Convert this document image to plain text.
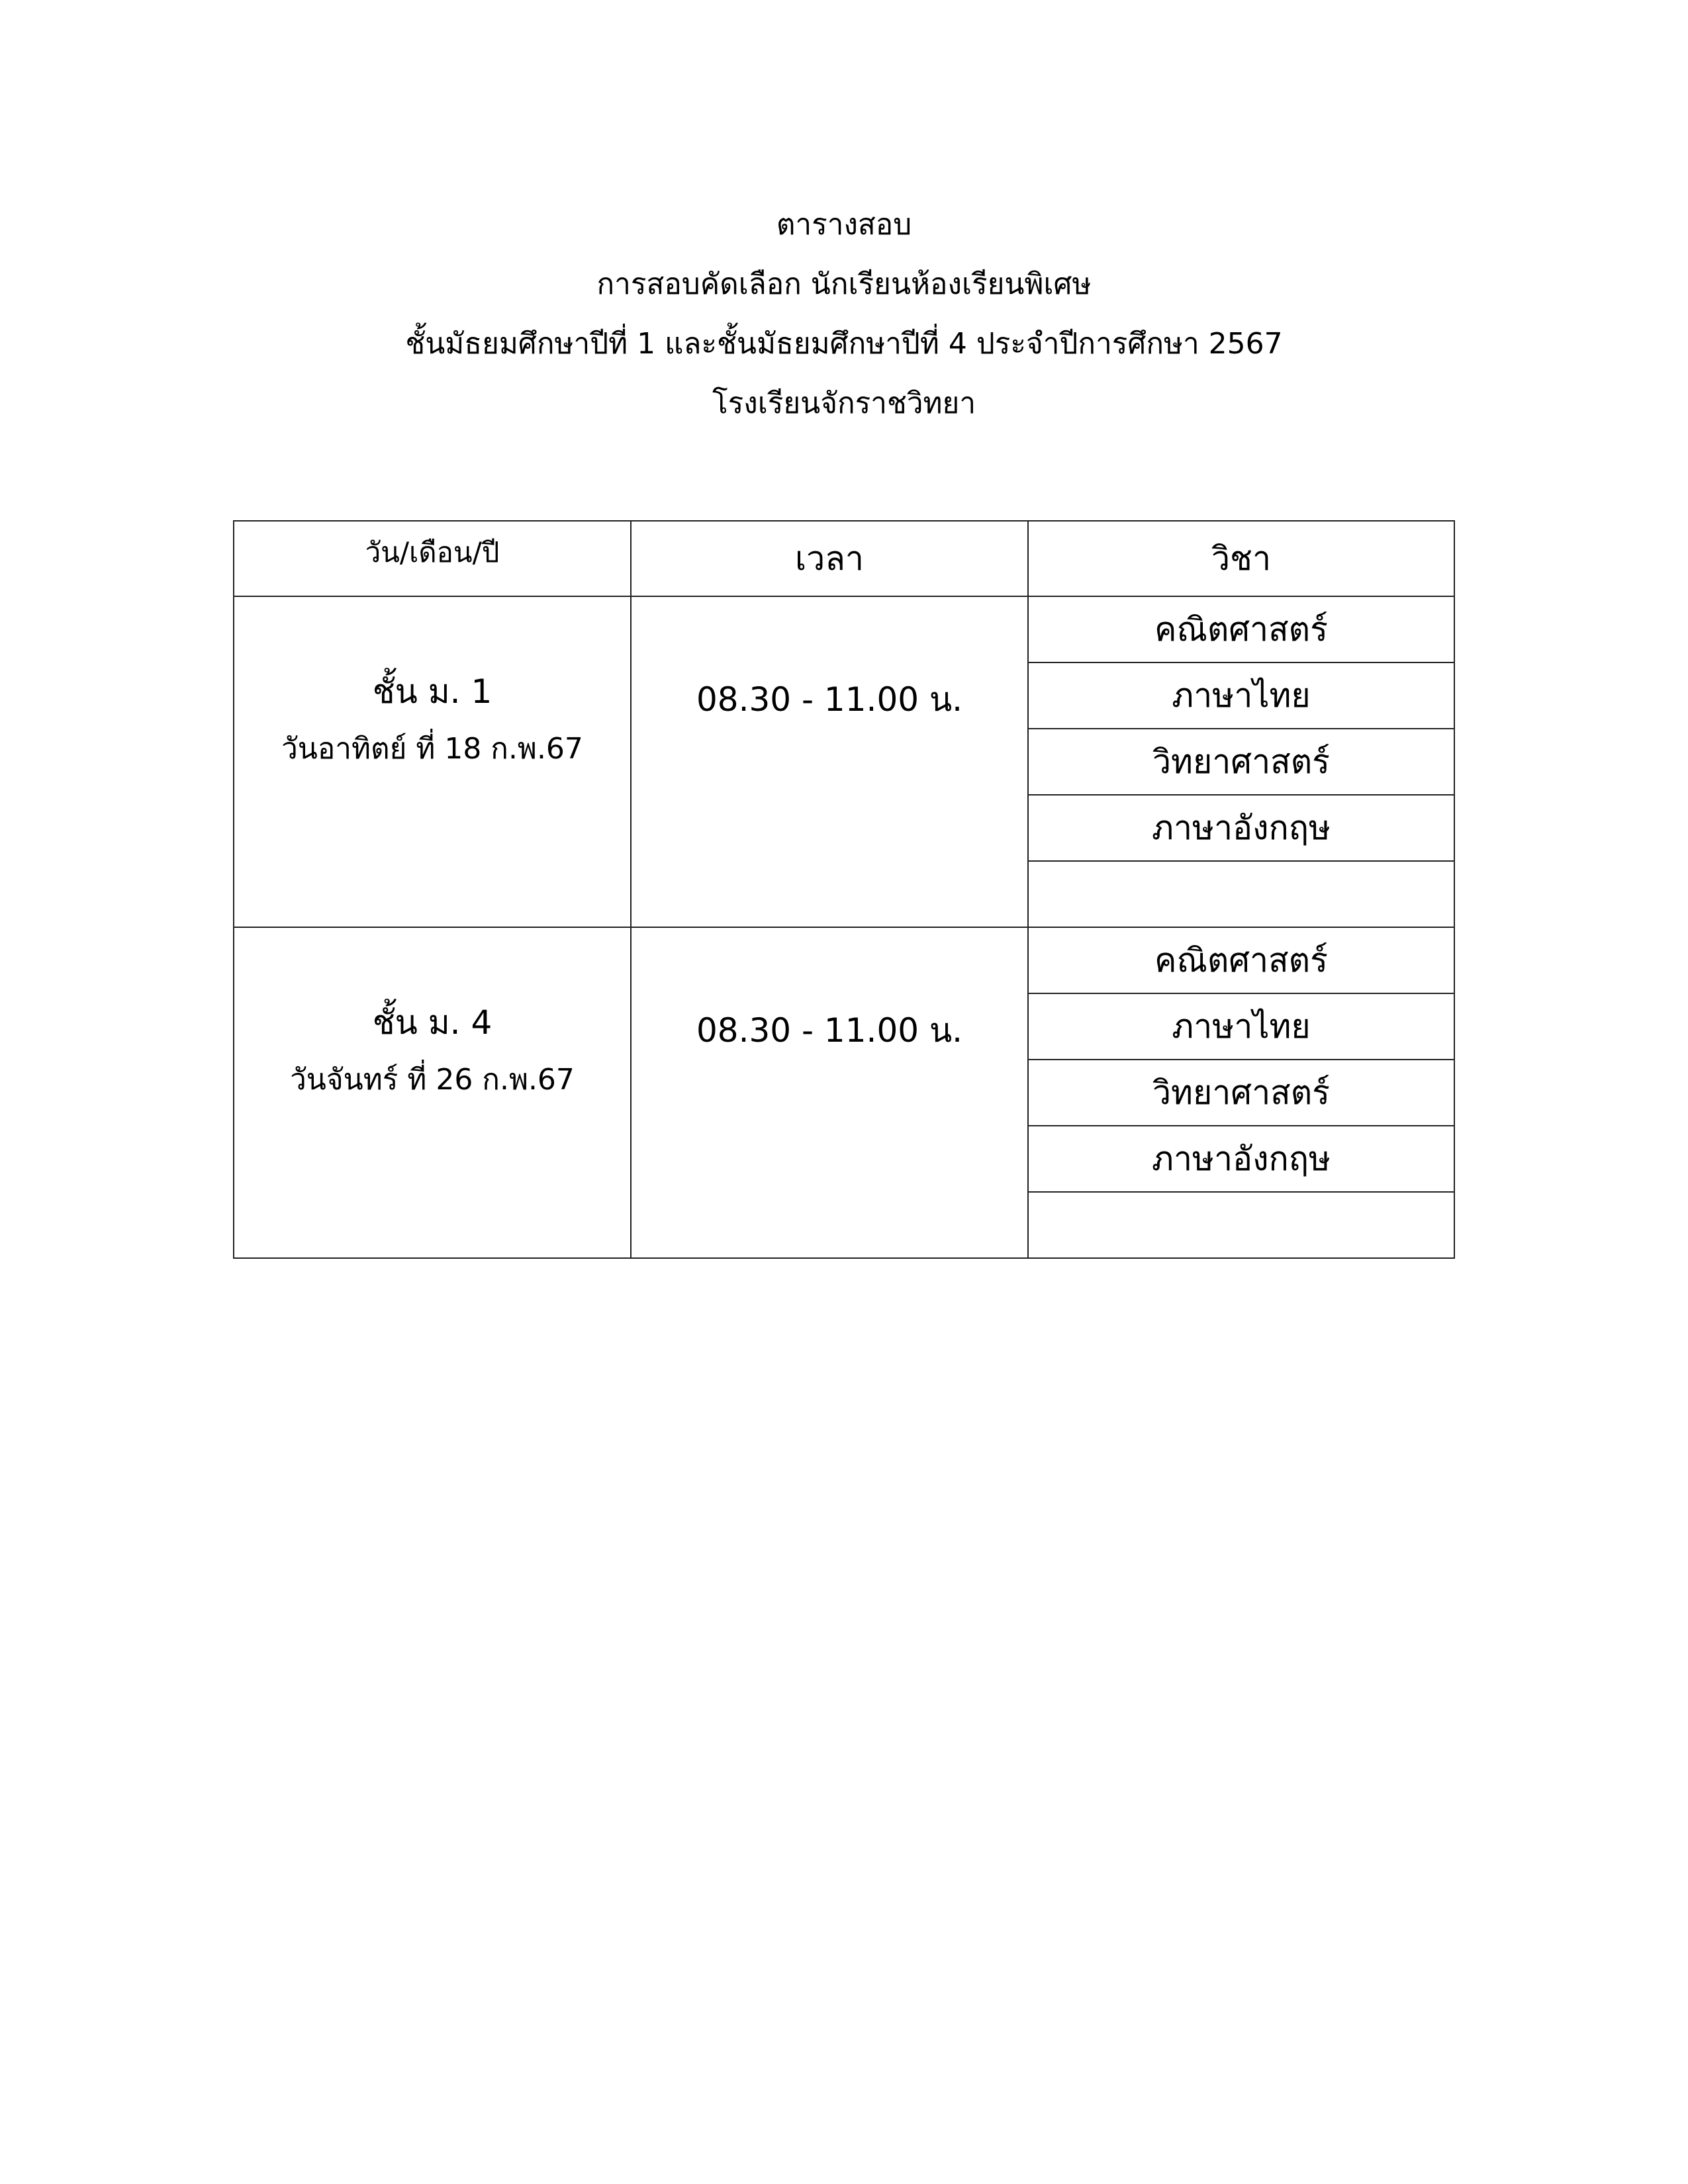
ตารางสอบ
การสอบคัดเลือก นักเรียนห้องเรียนพิเศษ
ชั้นมัธยมศึกษาปีที่ 1 และชั้นมัธยมศึกษาปีที่ 4 ประจำปีการศึกษา 2567
โรงเรียนจักราชวิทยา
วัน/เดือน/ปี	เวลา	วิชา

ชั้น ม. 1
วันอาทิตย์ ที่ 18 ก.พ.67	08.30 - 11.00 น.	คณิตศาสตร์
		ภาษาไทย
		วิทยาศาสตร์
		ภาษาอังกฤษ

ชั้น ม. 4
วันจันทร์ ที่ 26 ก.พ.67	08.30 - 11.00 น.	คณิตศาสตร์
		ภาษาไทย
		วิทยาศาสตร์
		ภาษาอังกฤษ
